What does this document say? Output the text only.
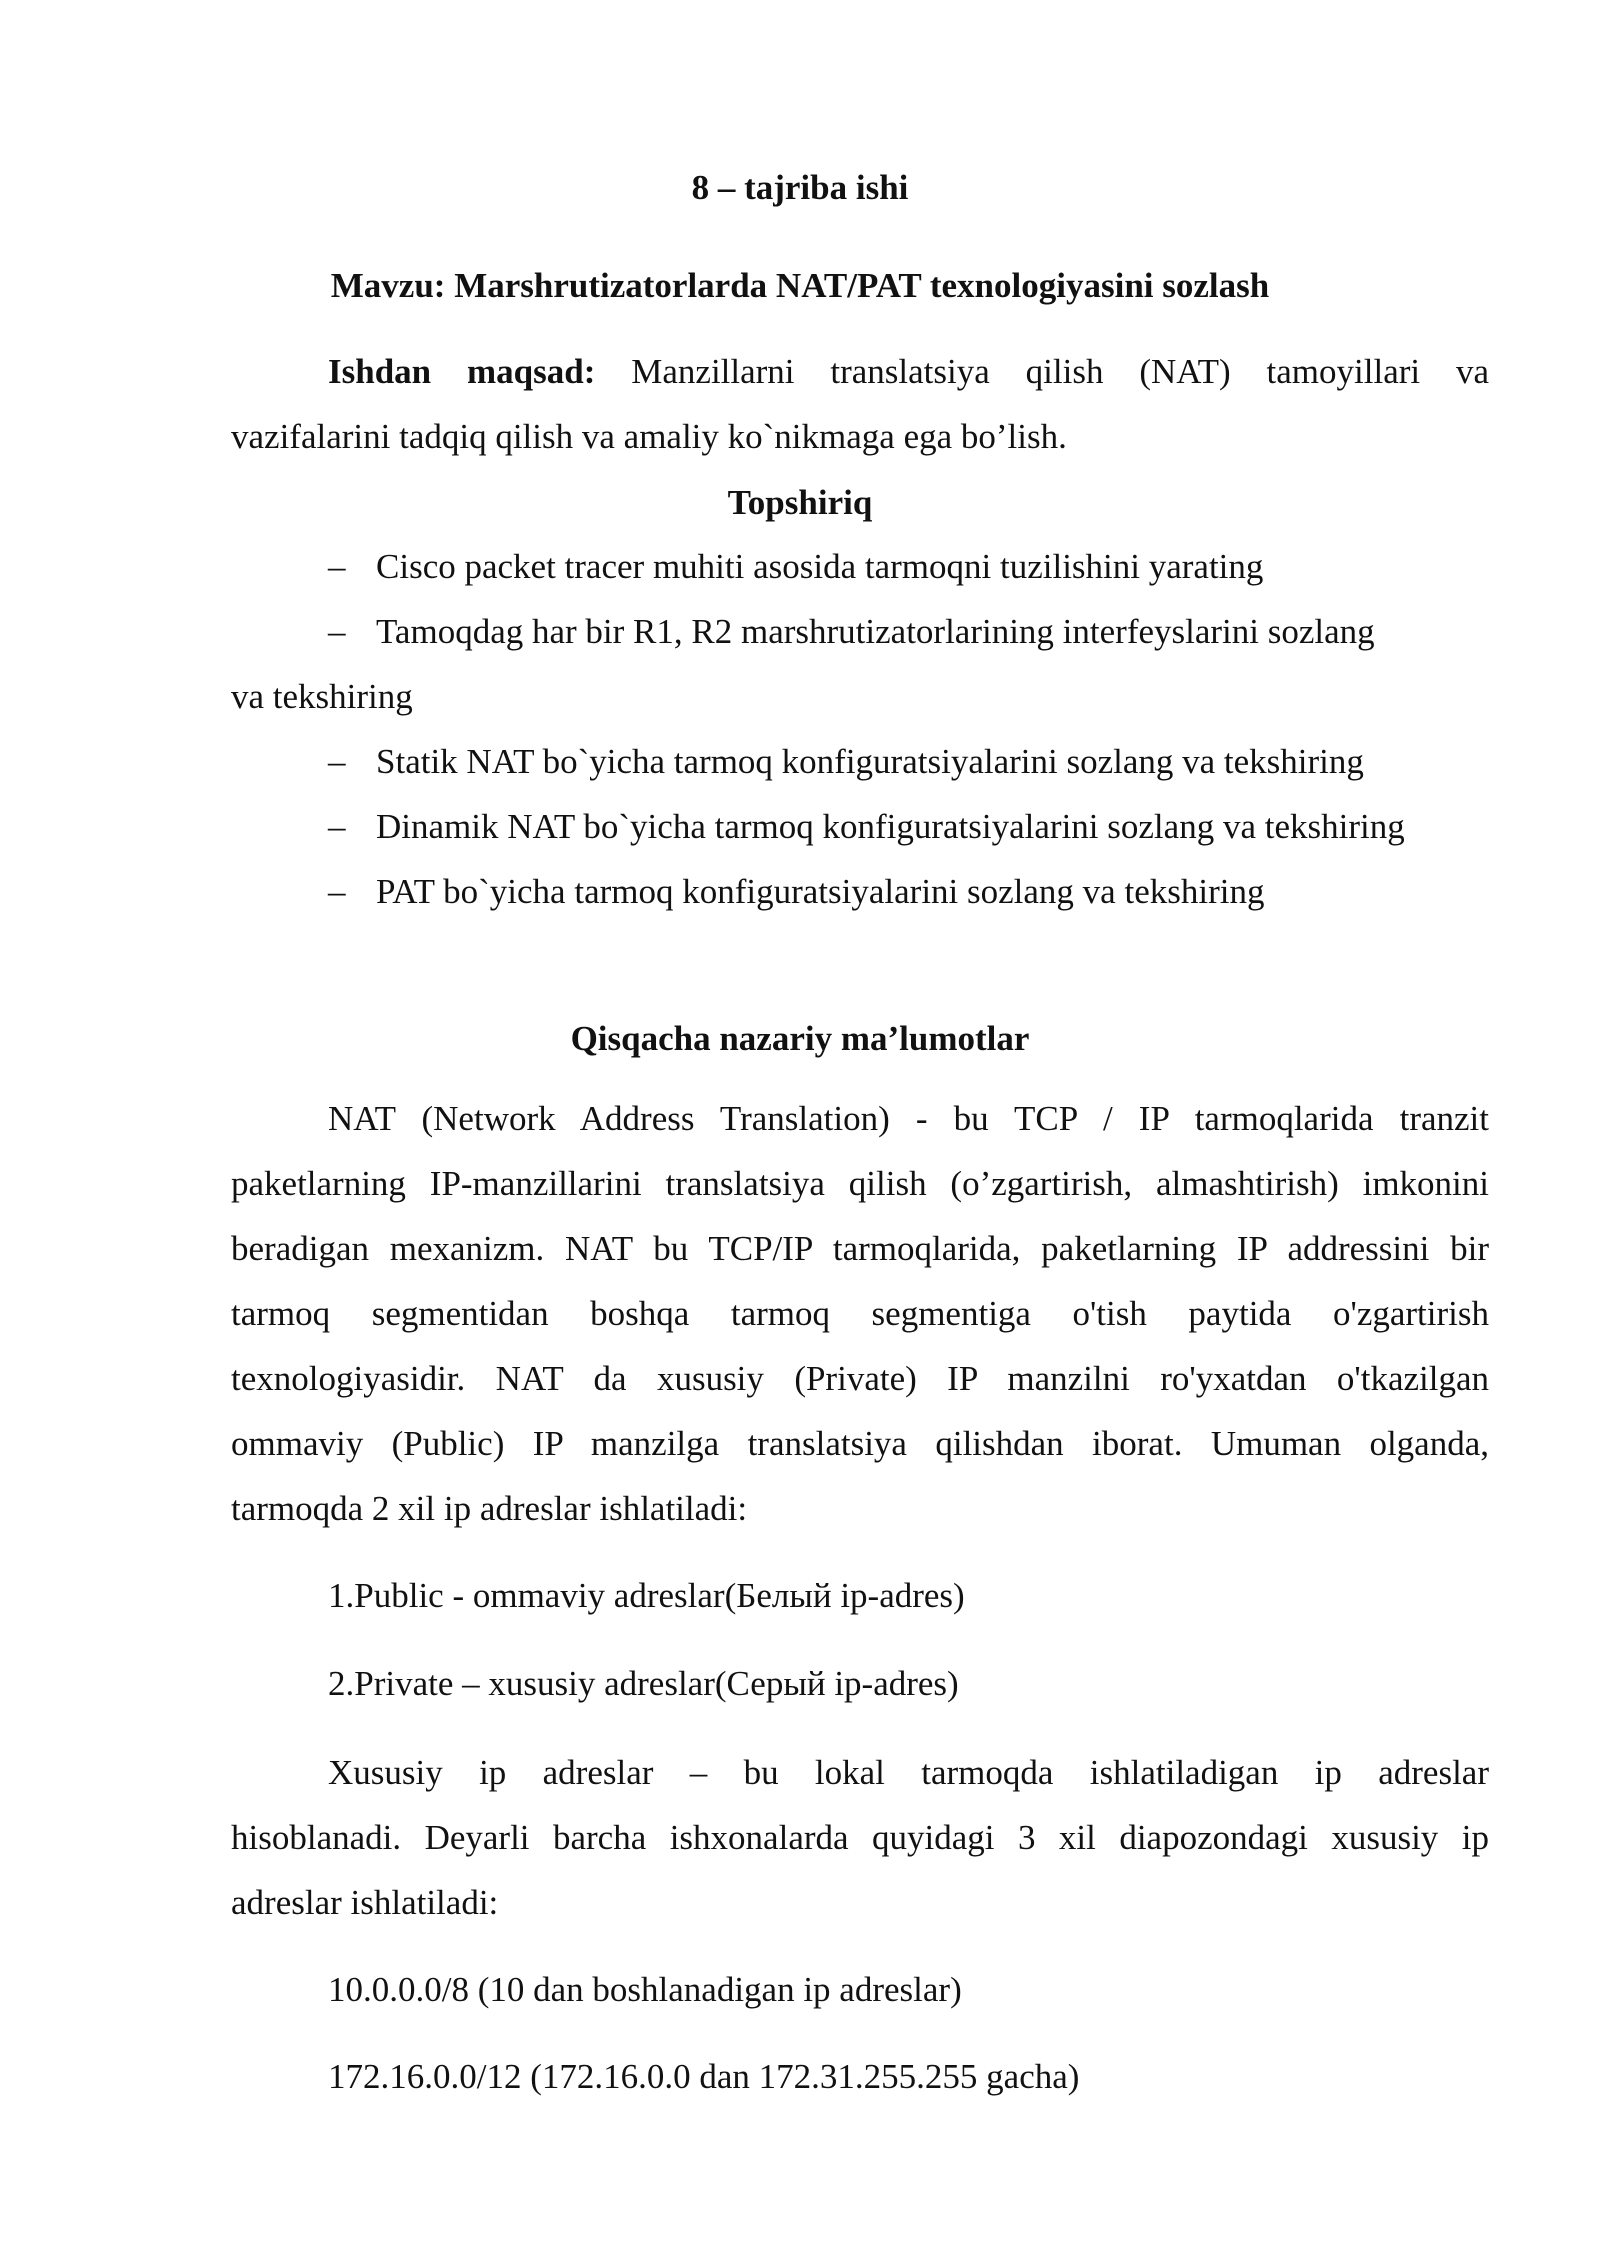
8 – tajriba ishi
Mavzu: Marshrutizatorlarda NAT/PAT texnologiyasini sozlash
Ishdan maqsad: Manzillarni translatsiya qilish (NAT) tamoyillari va
vazifalarini tadqiq qilish va amaliy ko`nikmaga ega bo’lish.
Topshiriq
– Cisco packet tracer muhiti asosida tarmoqni tuzilishini yarating
– Tamoqdag har bir R1, R2 marshrutizatorlarining interfeyslarini sozlang
va tekshiring
– Statik NAT bo`yicha tarmoq konfiguratsiyalarini sozlang va tekshiring
– Dinamik NAT bo`yicha tarmoq konfiguratsiyalarini sozlang va tekshiring
– PAT bo`yicha tarmoq konfiguratsiyalarini sozlang va tekshiring
Qisqacha nazariy ma’lumotlar
NAT (Network Address Translation) - bu TCP / IP tarmoqlarida tranzit
paketlarning IP-manzillarini translatsiya qilish (o’zgartirish, almashtirish) imkonini
beradigan mexanizm. NAT bu TCP/IP tarmoqlarida, paketlarning IP addressini bir
tarmoq segmentidan boshqa tarmoq segmentiga o'tish paytida o'zgartirish
texnologiyasidir. NAT da xususiy (Private) IP manzilni ro'yxatdan o'tkazilgan
ommaviy (Public) IP manzilga translatsiya qilishdan iborat. Umuman olganda,
tarmoqda 2 xil ip adreslar ishlatiladi:
1.Public - ommaviy adreslar(Белый ip-adres)
2.Private – xususiy adreslar(Серый ip-adres)
Xususiy ip adreslar – bu lokal tarmoqda ishlatiladigan ip adreslar
hisoblanadi. Deyarli barcha ishxonalarda quyidagi 3 xil diapozondagi xususiy ip
adreslar ishlatiladi:
10.0.0.0/8 (10 dan boshlanadigan ip adreslar)
172.16.0.0/12 (172.16.0.0 dan 172.31.255.255 gacha)
